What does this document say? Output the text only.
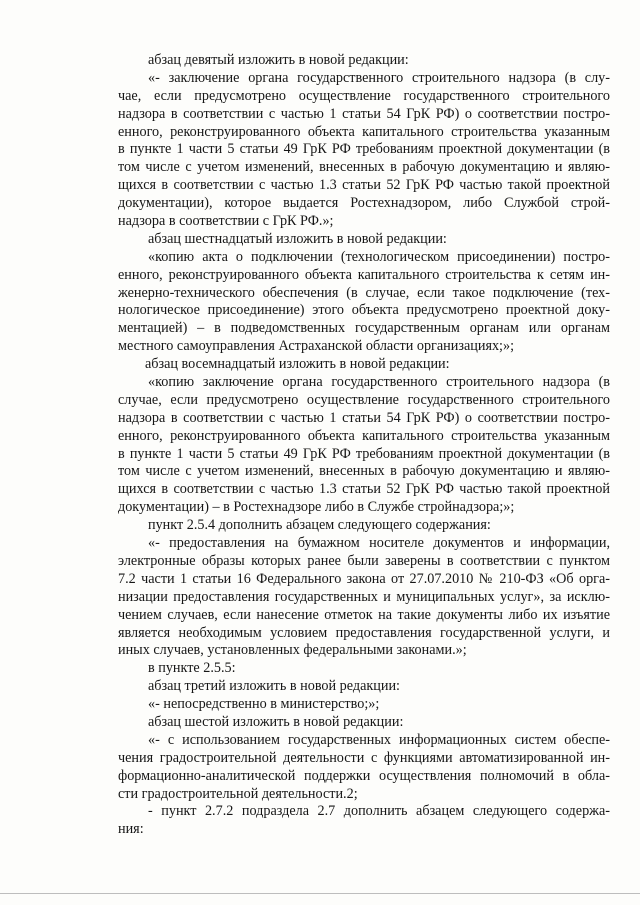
абзац девятый изложить в новой редакции:
«- заключение органа государственного строительного надзора (в слу-
чае, если предусмотрено осуществление государственного строительного
надзора в соответствии с частью 1 статьи 54 ГрК РФ) о соответствии постро-
енного, реконструированного объекта капитального строительства указанным
в пункте 1 части 5 статьи 49 ГрК РФ требованиям проектной документации (в
том числе с учетом изменений, внесенных в рабочую документацию и являю-
щихся в соответствии с частью 1.3 статьи 52 ГрК РФ частью такой проектной
документации), которое выдается Ростехнадзором, либо Службой строй-
надзора в соответствии с ГрК РФ.»;
абзац шестнадцатый изложить в новой редакции:
«копию акта о подключении (технологическом присоединении) постро-
енного, реконструированного объекта капитального строительства к сетям ин-
женерно-технического обеспечения (в случае, если такое подключение (тех-
нологическое присоединение) этого объекта предусмотрено проектной доку-
ментацией) – в подведомственных государственным органам или органам
местного самоуправления Астраханской области организациях;»;
абзац восемнадцатый изложить в новой редакции:
«копию заключение органа государственного строительного надзора (в
случае, если предусмотрено осуществление государственного строительного
надзора в соответствии с частью 1 статьи 54 ГрК РФ) о соответствии постро-
енного, реконструированного объекта капитального строительства указанным
в пункте 1 части 5 статьи 49 ГрК РФ требованиям проектной документации (в
том числе с учетом изменений, внесенных в рабочую документацию и являю-
щихся в соответствии с частью 1.3 статьи 52 ГрК РФ частью такой проектной
документации) – в Ростехнадзоре либо в Службе стройнадзора;»;
пункт 2.5.4 дополнить абзацем следующего содержания:
«- предоставления на бумажном носителе документов и информации,
электронные образы которых ранее были заверены в соответствии с пунктом
7.2 части 1 статьи 16 Федерального закона от 27.07.2010 № 210-ФЗ «Об орга-
низации предоставления государственных и муниципальных услуг», за исклю-
чением случаев, если нанесение отметок на такие документы либо их изъятие
является необходимым условием предоставления государственной услуги, и
иных случаев, установленных федеральными законами.»;
в пункте 2.5.5:
абзац третий изложить в новой редакции:
«- непосредственно в министерство;»;
абзац шестой изложить в новой редакции:
«- с использованием государственных информационных систем обеспе-
чения градостроительной деятельности с функциями автоматизированной ин-
формационно-аналитической поддержки осуществления полномочий в обла-
сти градостроительной деятельности.2;
- пункт 2.7.2 подраздела 2.7 дополнить абзацем следующего содержа-
ния:
